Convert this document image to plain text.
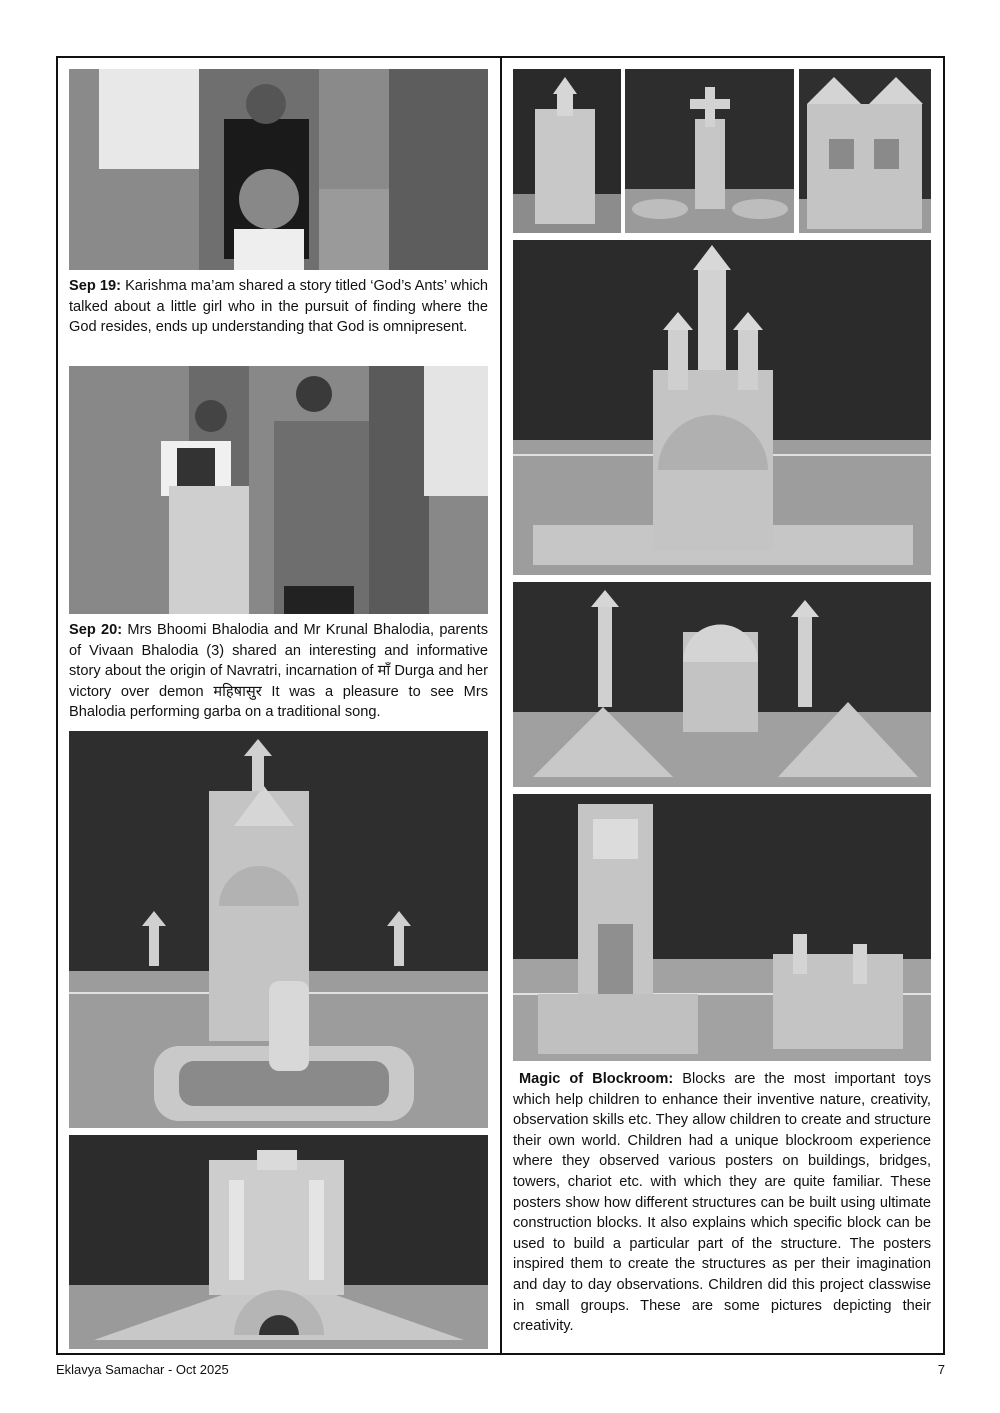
Sep 19: Karishma ma’am shared a story titled ‘God’s Ants’ which talked about a little girl who in the pursuit of finding where the God resides, ends up understanding that God is omnipresent.
Sep 20: Mrs Bhoomi Bhalodia and Mr Krunal Bhalodia, parents of Vivaan Bhalodia (3) shared an interesting and informative story about the origin of Navratri, incarnation of माँ Durga and her victory over demon महिषासुर It was a pleasure to see Mrs Bhalodia performing garba on a traditional song.
Magic of Blockroom: Blocks are the most important toys which help children to enhance their inventive nature, creativity, observation skills etc. They allow children to create and structure their own world. Children had a unique blockroom experience where they observed various posters on buildings, bridges, towers, chariot etc. with which they are quite familiar. These posters show how different structures can be built using ultimate construction blocks. It also explains which specific block can be used to build a particular part of the structure. The posters inspired them to create the structures as per their imagination and day to day observations. Children did this project classwise in small groups. These are some pictures depicting their creativity.
Eklavya Samachar - Oct 2025	7
